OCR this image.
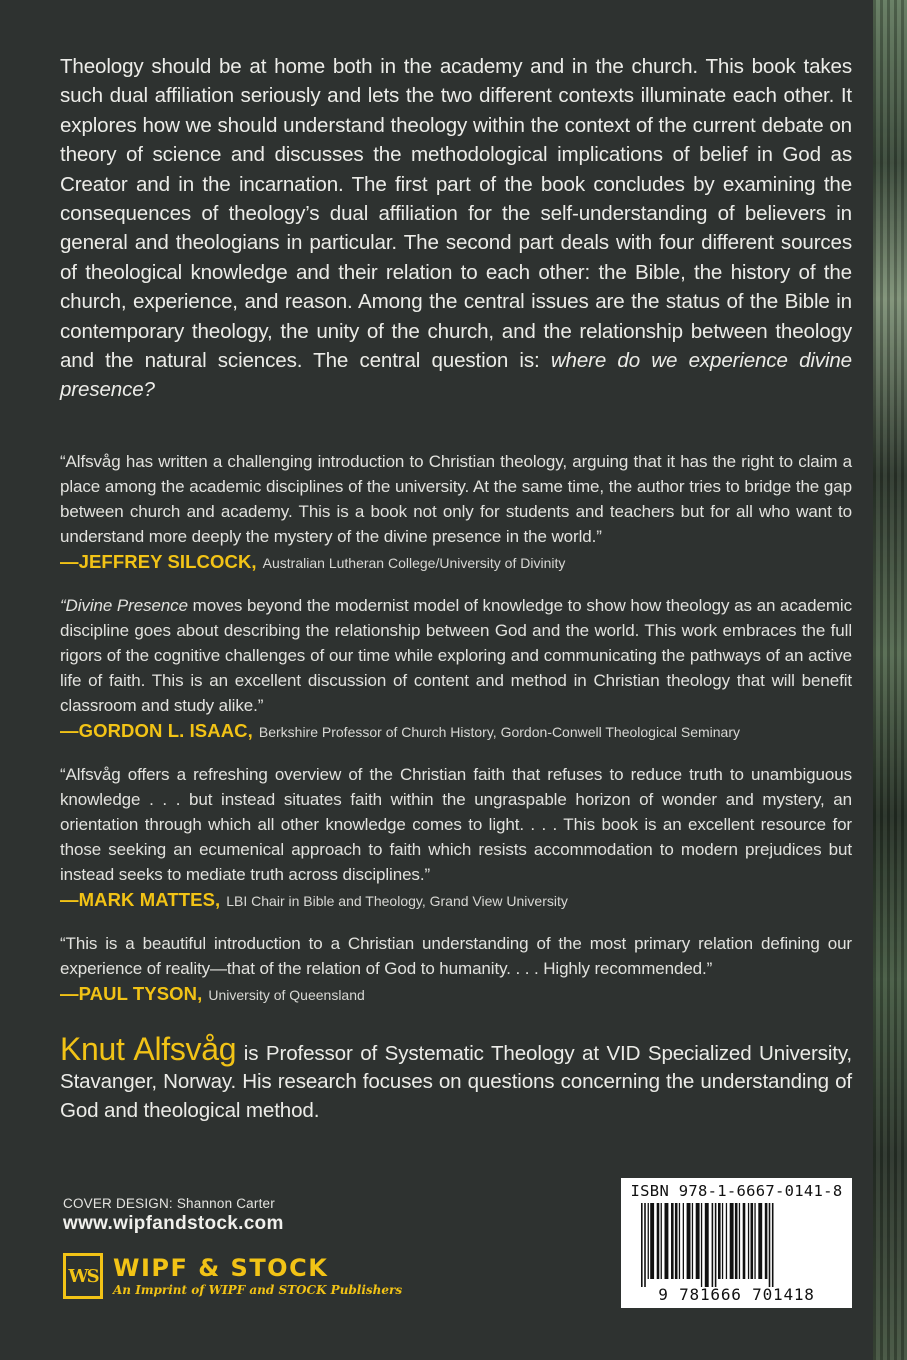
Theology should be at home both in the academy and in the church. This book takes such dual affiliation seriously and lets the two different contexts illuminate each other. It explores how we should understand theology within the context of the current debate on theory of science and discusses the methodological implications of belief in God as Creator and in the incarnation. The first part of the book concludes by examining the consequences of theology’s dual affiliation for the self-understanding of believers in general and theologians in particular. The second part deals with four different sources of theological knowledge and their relation to each other: the Bible, the history of the church, experience, and reason. Among the central issues are the status of the Bible in contemporary theology, the unity of the church, and the relationship between theology and the natural sciences. The central question is: where do we experience divine presence?

“Alfsvåg has written a challenging introduction to Christian theology, arguing that it has the right to claim a place among the academic disciplines of the university. At the same time, the author tries to bridge the gap between church and academy. This is a book not only for students and teachers but for all who want to understand more deeply the mystery of the divine presence in the world.”

—JEFFREY SILCOCK, Australian Lutheran College/University of Divinity

“Divine Presence moves beyond the modernist model of knowledge to show how theology as an academic discipline goes about describing the relationship between God and the world. This work embraces the full rigors of the cognitive challenges of our time while exploring and communicating the pathways of an active life of faith. This is an excellent discussion of content and method in Christian theology that will benefit classroom and study alike.”

—GORDON L. ISAAC, Berkshire Professor of Church History, Gordon-Conwell Theological Seminary

“Alfsvåg offers a refreshing overview of the Christian faith that refuses to reduce truth to unambiguous knowledge . . . but instead situates faith within the ungraspable horizon of wonder and mystery, an orientation through which all other knowledge comes to light. . . . This book is an excellent resource for those seeking an ecumenical approach to faith which resists accommodation to modern prejudices but instead seeks to mediate truth across disciplines.”

—MARK MATTES, LBI Chair in Bible and Theology, Grand View University

“This is a beautiful introduction to a Christian understanding of the most primary relation defining our experience of reality—that of the relation of God to humanity. . . . Highly recommended.”

—PAUL TYSON, University of Queensland

Knut Alfsvåg is Professor of Systematic Theology at VID Specialized University, Stavanger, Norway. His research focuses on questions concerning the understanding of God and theological method.

COVER DESIGN: Shannon Carter
www.wipfandstock.com
WS WIPF & STOCK
An Imprint of WIPF and STOCK Publishers
ISBN 978-1-6667-0141-8
9 781666 701418
